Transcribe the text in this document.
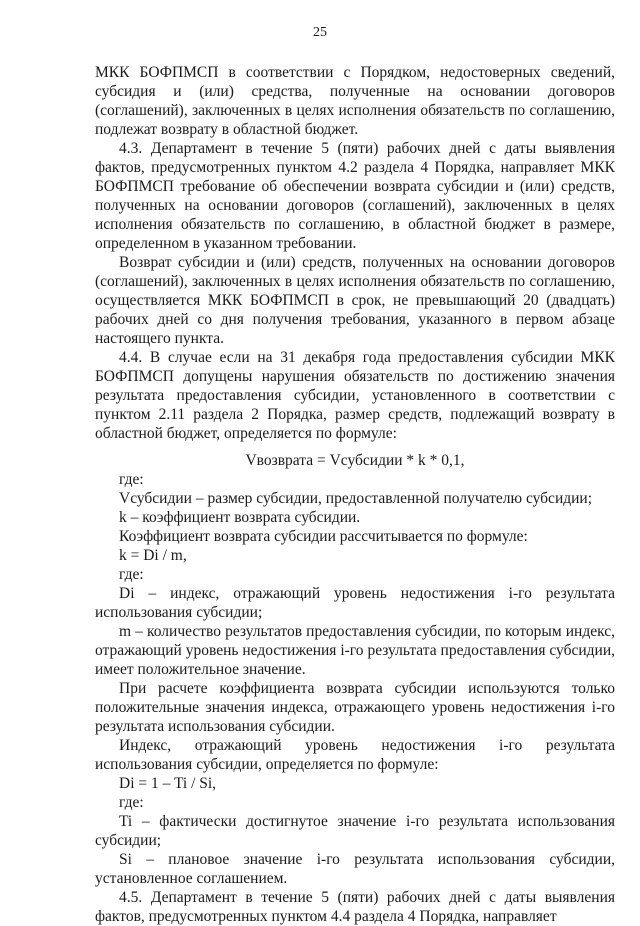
25

МКК БОФПМСП в соответствии с Порядком, недостоверных сведений, субсидия и (или) средства, полученные на основании договоров (соглашений), заключенных в целях исполнения обязательств по соглашению, подлежат возврату в областной бюджет.

4.3. Департамент в течение 5 (пяти) рабочих дней с даты выявления фактов, предусмотренных пунктом 4.2 раздела 4 Порядка, направляет МКК БОФПМСП требование об обеспечении возврата субсидии и (или) средств, полученных на основании договоров (соглашений), заключенных в целях исполнения обязательств по соглашению, в областной бюджет в размере, определенном в указанном требовании.

Возврат субсидии и (или) средств, полученных на основании договоров (соглашений), заключенных в целях исполнения обязательств по соглашению, осуществляется МКК БОФПМСП в срок, не превышающий 20 (двадцать) рабочих дней со дня получения требования, указанного в первом абзаце настоящего пункта.

4.4. В случае если на 31 декабря года предоставления субсидии МКК БОФПМСП допущены нарушения обязательств по достижению значения результата предоставления субсидии, установленного в соответствии с пунктом 2.11 раздела 2 Порядка, размер средств, подлежащий возврату в областной бюджет, определяется по формуле:

Vвозврата = Vсубсидии * k * 0,1,

где:

Vсубсидии – размер субсидии, предоставленной получателю субсидии;

k – коэффициент возврата субсидии.

Коэффициент возврата субсидии рассчитывается по формуле:

k = Di / m,

где:

Di – индекс, отражающий уровень недостижения i-го результата использования субсидии;

m – количество результатов предоставления субсидии, по которым индекс, отражающий уровень недостижения i-го результата предоставления субсидии, имеет положительное значение.

При расчете коэффициента возврата субсидии используются только положительные значения индекса, отражающего уровень недостижения i-го результата использования субсидии.

Индекс, отражающий уровень недостижения i-го результата использования субсидии, определяется по формуле:

Di = 1 – Ti / Si,

где:

Ti – фактически достигнутое значение i-го результата использования субсидии;

Si – плановое значение i-го результата использования субсидии, установленное соглашением.

4.5. Департамент в течение 5 (пяти) рабочих дней с даты выявления фактов, предусмотренных пунктом 4.4 раздела 4 Порядка, направляет
